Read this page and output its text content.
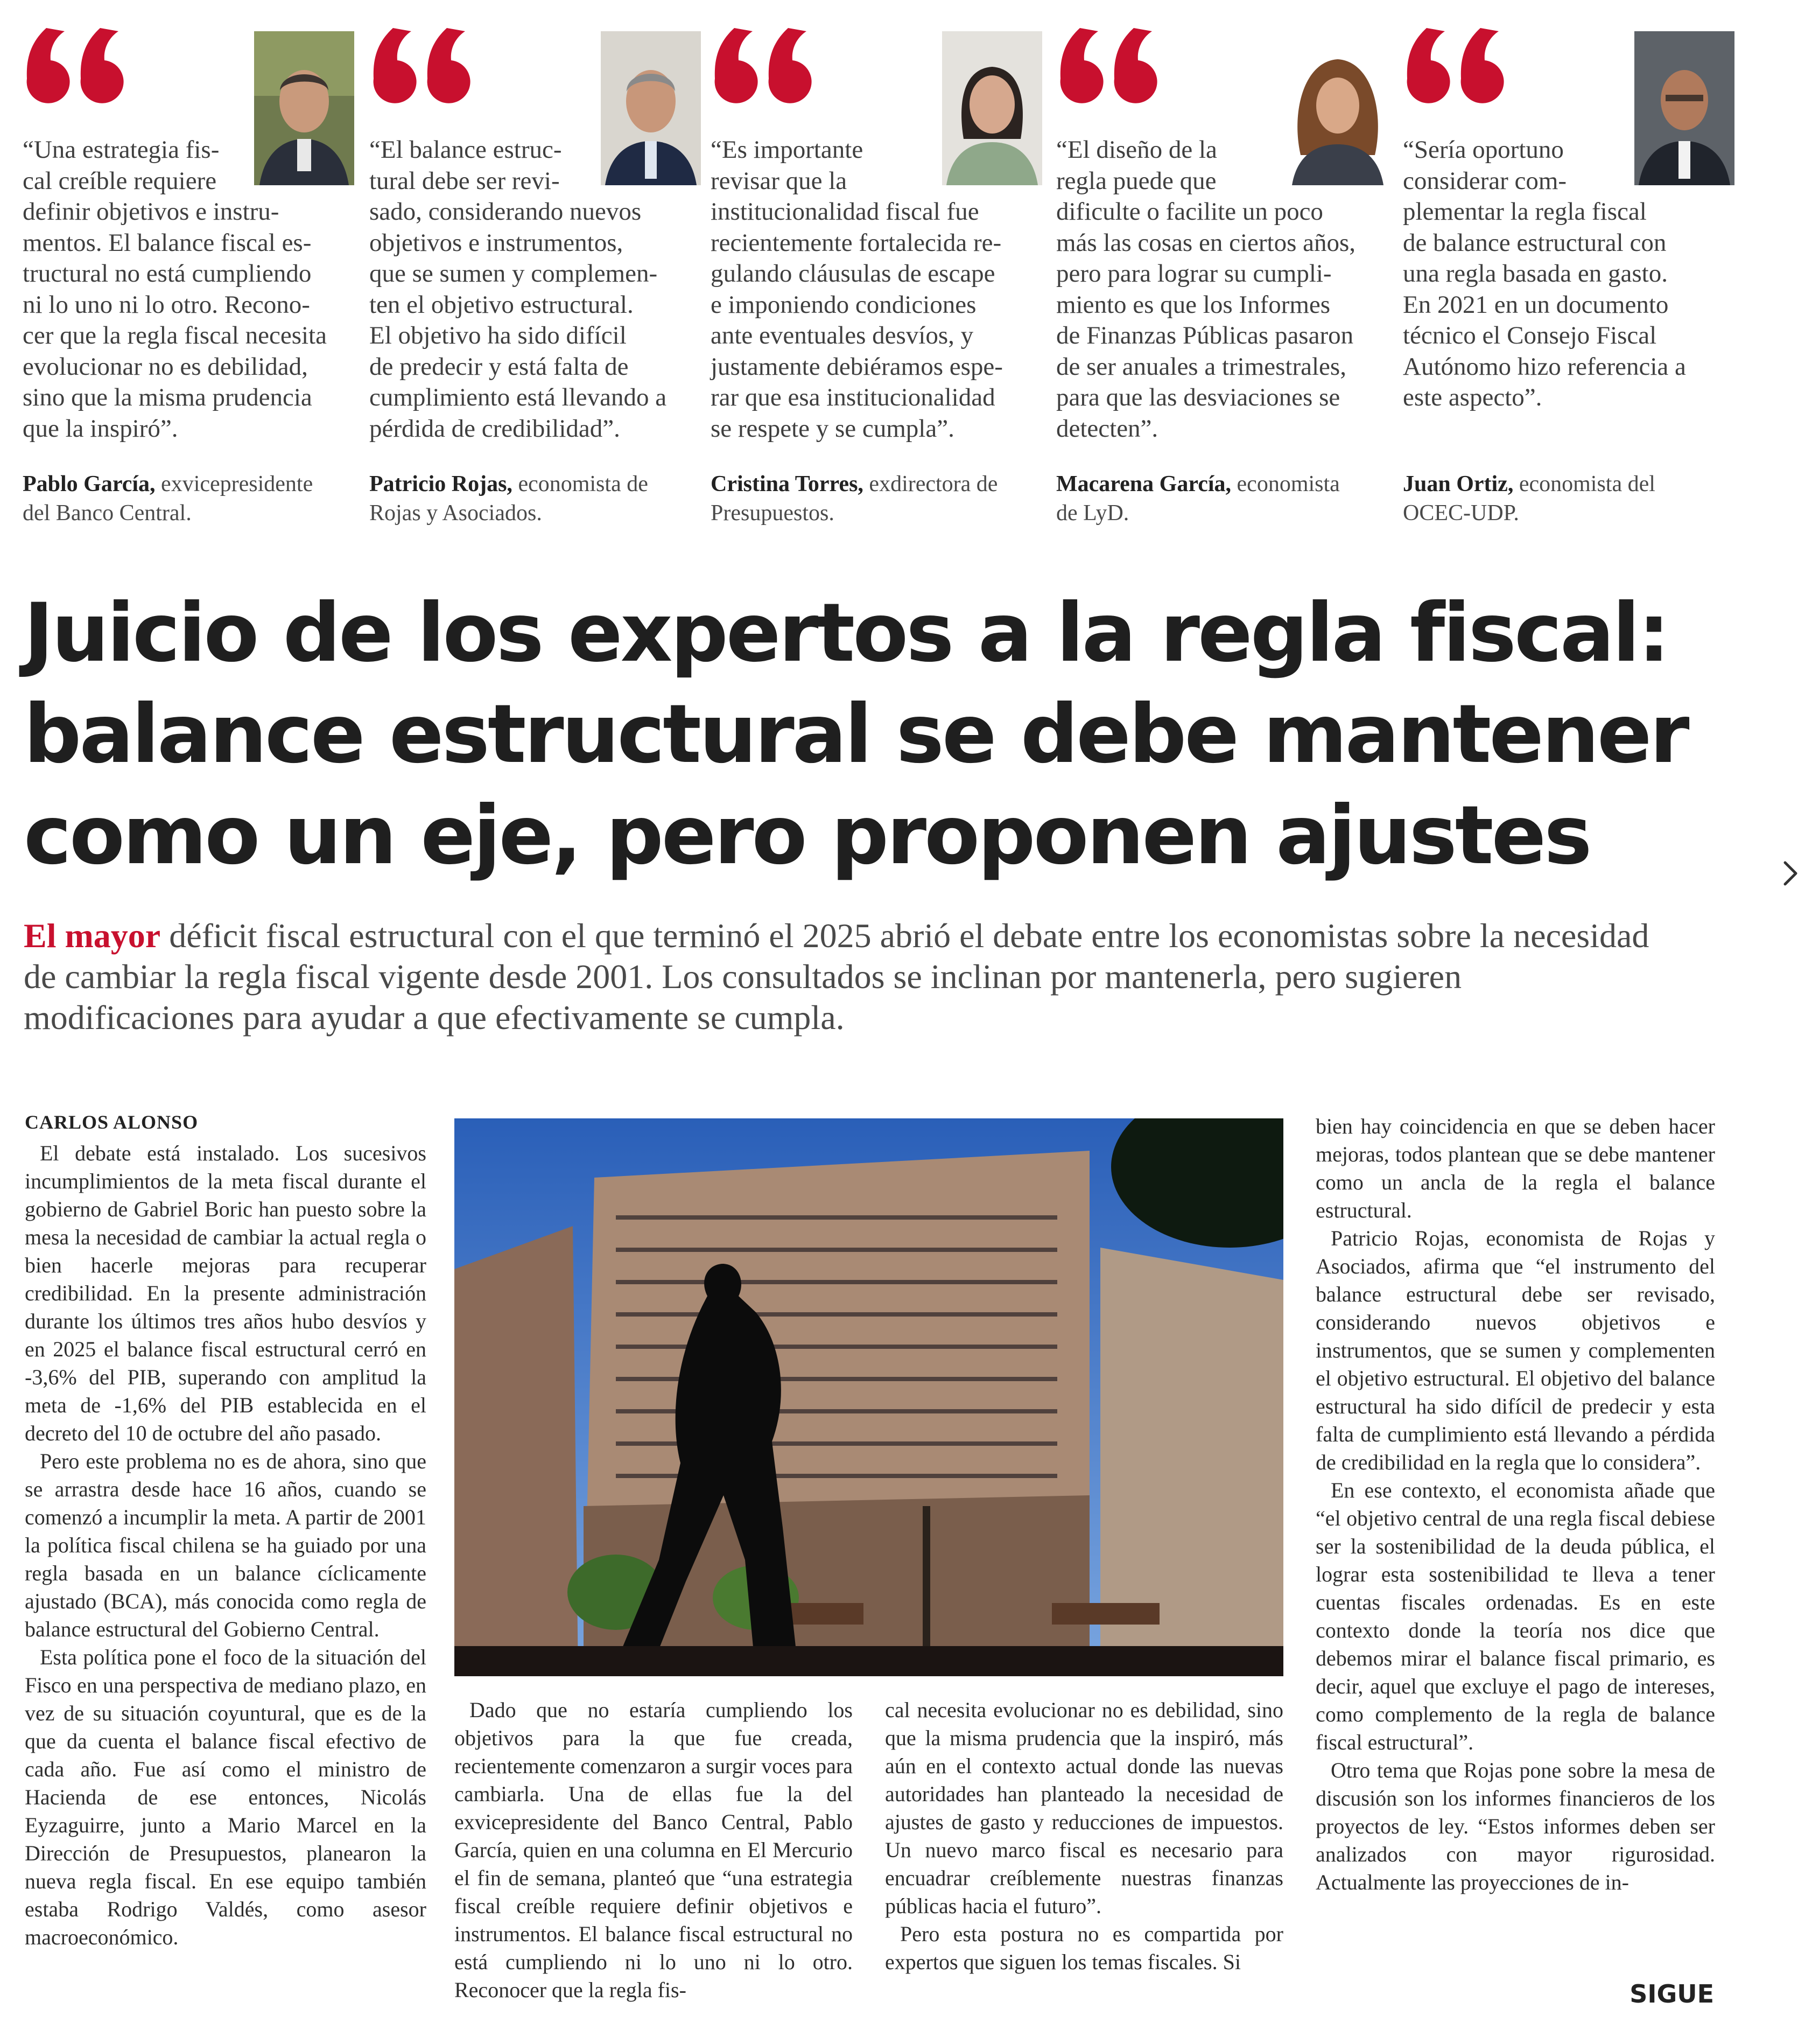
“Una estrategia fis-
cal creíble requiere
definir objetivos e instru-
mentos. El balance fiscal es-
tructural no está cumpliendo
ni lo uno ni lo otro. Recono-
cer que la regla fiscal necesita
evolucionar no es debilidad,
sino que la misma prudencia
que la inspiró”.
Pablo García, exvicepresidente
del Banco Central.
“El balance estruc-
tural debe ser revi-
sado, considerando nuevos
objetivos e instrumentos,
que se sumen y complemen-
ten el objetivo estructural.
El objetivo ha sido difícil
de predecir y está falta de
cumplimiento está llevando a
pérdida de credibilidad”.
Patricio Rojas, economista de
Rojas y Asociados.
“Es importante
revisar que la
institucionalidad fiscal fue
recientemente fortalecida re-
gulando cláusulas de escape
e imponiendo condiciones
ante eventuales desvíos, y
justamente debiéramos espe-
rar que esa institucionalidad
se respete y se cumpla”.
Cristina Torres, exdirectora de
Presupuestos.
“El diseño de la
regla puede que
dificulte o facilite un poco
más las cosas en ciertos años,
pero para lograr su cumpli-
miento es que los Informes
de Finanzas Públicas pasaron
de ser anuales a trimestrales,
para que las desviaciones se
detecten”.
Macarena García, economista
de LyD.
“Sería oportuno
considerar com-
plementar la regla fiscal
de balance estructural con
una regla basada en gasto.
En 2021 en un documento
técnico el Consejo Fiscal
Autónomo hizo referencia a
este aspecto”.
Juan Ortiz, economista del
OCEC-UDP.
Juicio de los expertos a la regla fiscal:
balance estructural se debe mantener
como un eje, pero proponen ajustes

El mayor déficit fiscal estructural con el que terminó el 2025 abrió el debate entre los economistas sobre la necesidad de cambiar la regla fiscal vigente desde 2001. Los consultados se inclinan por mantenerla, pero sugieren modificaciones para ayudar a que efectivamente se cumpla.

CARLOS ALONSO

El debate está instalado. Los sucesivos incumplimientos de la meta fiscal durante el gobierno de Gabriel Boric han puesto sobre la mesa la necesidad de cambiar la actual regla o bien hacerle mejoras para recuperar credibilidad. En la presente administración durante los últimos tres años hubo desvíos y en 2025 el balance fiscal estructural cerró en -3,6% del PIB, superando con amplitud la meta de -1,6% del PIB establecida en el decreto del 10 de octubre del año pasado.

Pero este problema no es de ahora, sino que se arrastra desde hace 16 años, cuando se comenzó a incumplir la meta. A partir de 2001 la política fiscal chilena se ha guiado por una regla basada en un balance cíclicamente ajustado (BCA), más conocida como regla de balance estructural del Gobierno Central.

Esta política pone el foco de la situación del Fisco en una perspectiva de mediano plazo, en vez de su situación coyuntural, que es de la que da cuenta el balance fiscal efectivo de cada año. Fue así como el ministro de Hacienda de ese entonces, Nicolás Eyzaguirre, junto a Mario Marcel en la Dirección de Presupuestos, planearon la nueva regla fiscal. En ese equipo también estaba Rodrigo Valdés, como asesor macroeconómico.

Dado que no estaría cumpliendo los objetivos para la que fue creada, recientemente comenzaron a surgir voces para cambiarla. Una de ellas fue la del exvicepresidente del Banco Central, Pablo García, quien en una columna en El Mercurio el fin de semana, planteó que “una estrategia fiscal creíble requiere definir objetivos e instrumentos. El balance fiscal estructural no está cumpliendo ni lo uno ni lo otro. Reconocer que la regla fis-

cal necesita evolucionar no es debilidad, sino que la misma prudencia que la inspiró, más aún en el contexto actual donde las nuevas autoridades han planteado la necesidad de ajustes de gasto y reducciones de impuestos. Un nuevo marco fiscal es necesario para encuadrar creíblemente nuestras finanzas públicas hacia el futuro”.

Pero esta postura no es compartida por expertos que siguen los temas fiscales. Si

bien hay coincidencia en que se deben hacer mejoras, todos plantean que se debe mantener como un ancla de la regla el balance estructural.

Patricio Rojas, economista de Rojas y Asociados, afirma que “el instrumento del balance estructural debe ser revisado, considerando nuevos objetivos e instrumentos, que se sumen y complementen el objetivo estructural. El objetivo del balance estructural ha sido difícil de predecir y esta falta de cumplimiento está llevando a pérdida de credibilidad en la regla que lo considera”.

En ese contexto, el economista añade que “el objetivo central de una regla fiscal debiese ser la sostenibilidad de la deuda pública, el lograr esta sostenibilidad te lleva a tener cuentas fiscales ordenadas. Es en este contexto donde la teoría nos dice que debemos mirar el balance fiscal primario, es decir, aquel que excluye el pago de intereses, como complemento de la regla de balance fiscal estructural”.

Otro tema que Rojas pone sobre la mesa de discusión son los informes financieros de los proyectos de ley. “Estos informes deben ser analizados con mayor rigurosidad. Actualmente las proyecciones de in-

SIGUE
